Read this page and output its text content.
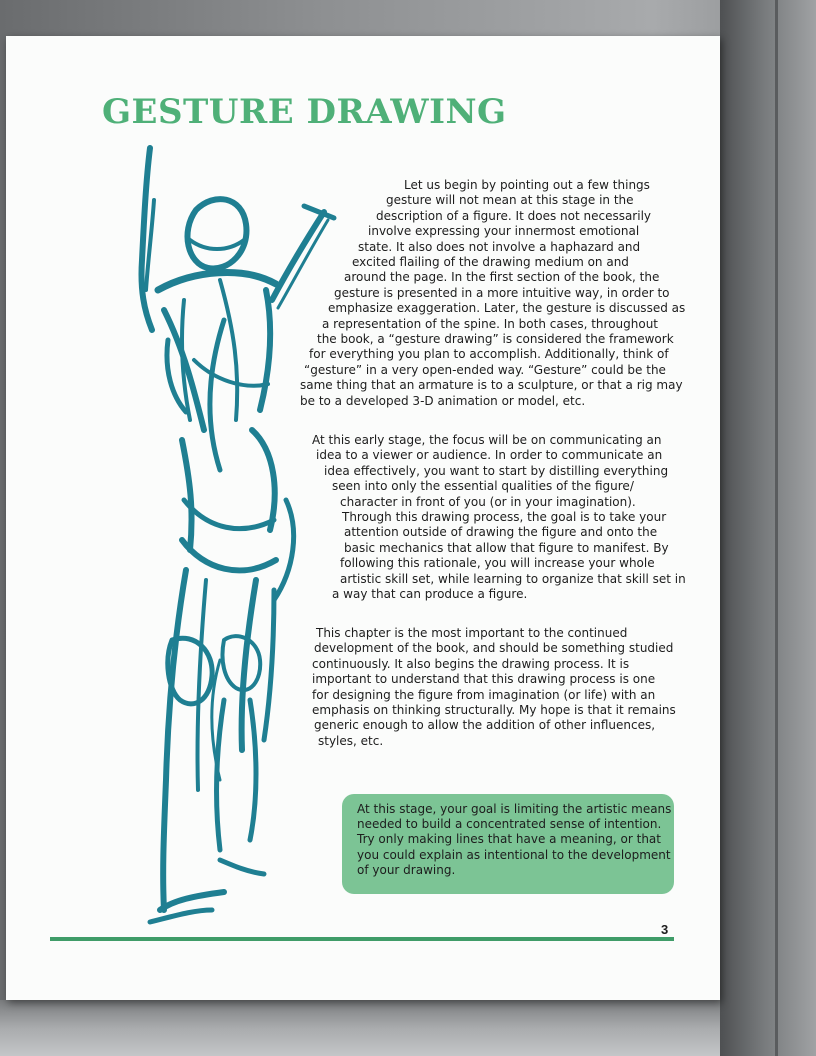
GESTURE DRAWING
Let us begin by pointing out a few things
gesture will not mean at this stage in the
description of a figure. It does not necessarily
involve expressing your innermost emotional
state. It also does not involve a haphazard and
excited flailing of the drawing medium on and
around the page. In the first section of the book, the
gesture is presented in a more intuitive way, in order to
emphasize exaggeration. Later, the gesture is discussed as
a representation of the spine. In both cases, throughout
the book, a “gesture drawing” is considered the framework
for everything you plan to accomplish. Additionally, think of
“gesture” in a very open-ended way. “Gesture” could be the
same thing that an armature is to a sculpture, or that a rig may
be to a developed 3-D animation or model, etc.
At this early stage, the focus will be on communicating an
idea to a viewer or audience. In order to communicate an
idea effectively, you want to start by distilling everything
seen into only the essential qualities of the figure/
character in front of you (or in your imagination).
Through this drawing process, the goal is to take your
attention outside of drawing the figure and onto the
basic mechanics that allow that figure to manifest. By
following this rationale, you will increase your whole
artistic skill set, while learning to organize that skill set in
a way that can produce a figure.
This chapter is the most important to the continued
development of the book, and should be something studied
continuously. It also begins the drawing process. It is
important to understand that this drawing process is one
for designing the figure from imagination (or life) with an
emphasis on thinking structurally. My hope is that it remains
generic enough to allow the addition of other influences,
styles, etc.
At this stage, your goal is limiting the artistic means
needed to build a concentrated sense of intention.
Try only making lines that have a meaning, or that
you could explain as intentional to the development
of your drawing.
3
